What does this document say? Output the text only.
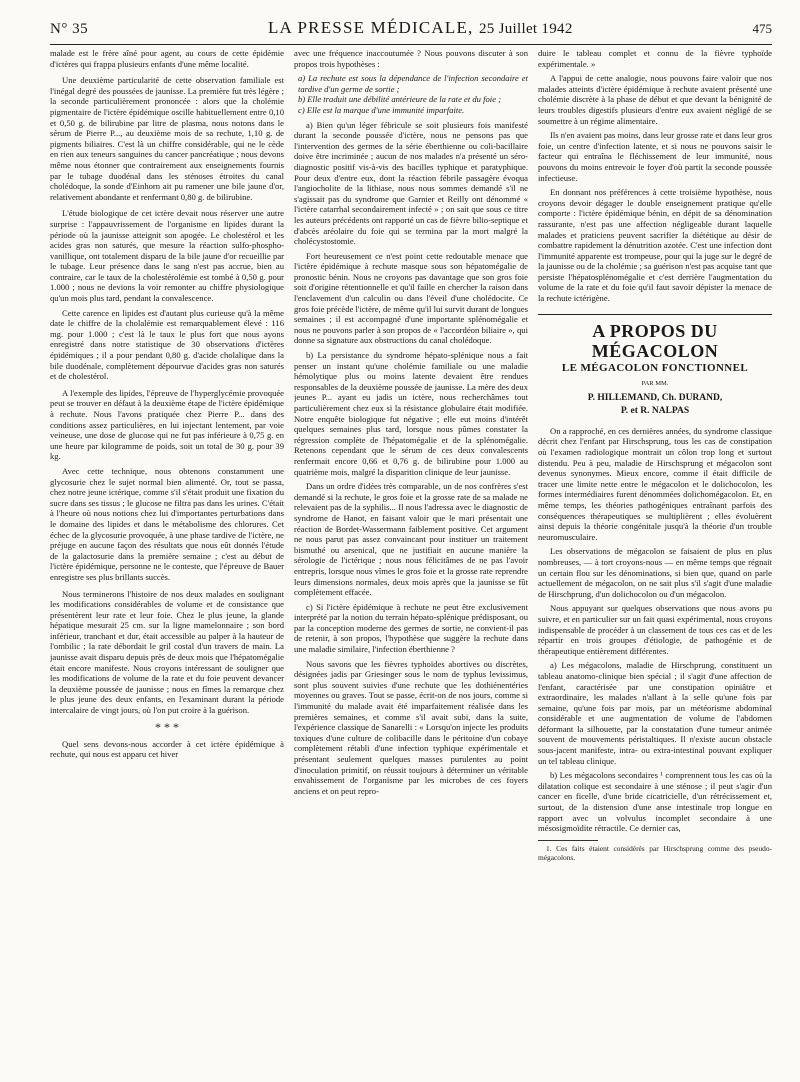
N° 35	LA PRESSE MÉDICALE, 25 Juillet 1942	475

malade est le frère aîné pour agent, au cours de cette épidémie d'ictères qui frappa plusieurs enfants d'une même localité.

Une deuxième particularité de cette observation familiale est l'inégal degré des poussées de jaunisse. La première fut très légère ; la seconde particulièrement prononcée : alors que la cholémie pigmentaire de l'ictère épidémique oscille habituellement entre 0,10 et 0,50 g. de bilirubine par litre de plasma, nous notons dans le sérum de Pierre P..., au deuxième mois de sa rechute, 1,10 g. de pigments biliaires. C'est là un chiffre considérable, qui ne le cède en rien aux teneurs sanguines du cancer pancréatique ; nous devons même nous étonner que contrairement aux enseignements fournis par le tubage duodénal dans les sténoses étroites du canal cholédoque, la sonde d'Einhorn ait pu ramener une bile jaune d'or, relativement abondante et renfermant 0,80 g. de bilirubine.

L'étude biologique de cet ictère devait nous réserver une autre surprise : l'appauvrissement de l'organisme en lipides durant la période où la jaunisse atteignit son apogée. Le cholestérol et les acides gras non saturés, que mesure la réaction sulfo-phospho-vanillique, ont totalement disparu de la bile jaune d'or recueillie par le tubage. Leur présence dans le sang n'est pas accrue, bien au contraire, car le taux de la cholestérolémie est tombé à 0,50 g. pour 1.000 ; nous ne devions la voir remonter au chiffre physiologique qu'un mois plus tard, pendant la convalescence.

Cette carence en lipides est d'autant plus curieuse qu'à la même date le chiffre de la cholalémie est remarquablement élevé : 116 mg. pour 1.000 ; c'est là le taux le plus fort que nous ayons enregistré dans notre statistique de 30 observations d'ictères épidémiques ; il a pour pendant 0,80 g. d'acide cholalique dans la bile duodénale, complètement dépourvue d'acides gras non saturés et de cholestérol.

A l'exemple des lipides, l'épreuve de l'hyperglycémie provoquée peut se trouver en défaut à la deuxième étape de l'ictère épidémique à rechute. Nous l'avons pratiquée chez Pierre P... dans des conditions assez particulières, en lui injectant lentement, par voie veineuse, une dose de glucose qui ne fut pas inférieure à 0,75 g. en une heure par kilogramme de poids, soit un total de 30 g. pour 39 kg.

Avec cette technique, nous obtenons constamment une glycosurie chez le sujet normal bien alimenté. Or, tout se passa, chez notre jeune ictérique, comme s'il s'était produit une fixation du sucre dans ses tissus ; le glucose ne filtra pas dans les urines. C'était à l'heure où nous notions chez lui d'importantes perturbations dans le domaine des lipides et dans le métabolisme des chlorures. Cet échec de la glycosurie provoquée, à une phase tardive de l'ictère, ne préjuge en aucune façon des résultats que nous eût donnés l'étude de la galactosurie dans la première semaine ; c'est au début de l'ictère épidémique, personne ne le conteste, que l'épreuve de Bauer enregistre ses plus brillants succès.

Nous terminerons l'histoire de nos deux malades en soulignant les modifications considérables de volume et de consistance que présentèrent leur rate et leur foie. Chez le plus jeune, la glande hépatique mesurait 25 cm. sur la ligne mamelonnaire ; son bord inférieur, tranchant et dur, était accessible au palper à la hauteur de l'ombilic ; la rate débordait le gril costal d'un travers de main. La jaunisse avait disparu depuis près de deux mois que l'hépatomégalie était encore manifeste. Nous croyons intéressant de souligner que les modifications de volume de la rate et du foie peuvent devancer la deuxième poussée de jaunisse ; nous en fîmes la remarque chez le plus jeune des deux enfants, en l'examinant durant la période intercalaire de vingt jours, où l'on put croire à la guérison.

* * *

Quel sens devons-nous accorder à cet ictère épidémique à rechute, qui nous est apparu cet hiver

avec une fréquence inaccoutumée ? Nous pouvons discuter à son propos trois hypothèses :

a) La rechute est sous la dépendance de l'infection secondaire et tardive d'un germe de sortie ;

b) Elle traduit une débilité antérieure de la rate et du foie ;

c) Elle est la marque d'une immunité imparfaite.

a) Bien qu'un léger fébricule se soit plusieurs fois manifesté durant la seconde poussée d'ictère, nous ne pensons pas que l'intervention des germes de la série éberthienne ou coli-bacillaire doive être incriminée ; aucun de nos malades n'a présenté un séro-diagnostic positif vis-à-vis des bacilles typhique et paratyphique. Pour deux d'entre eux, dont la réaction fébrile passagère évoqua l'angiocholite de la lithiase, nous nous sommes demandé s'il ne s'agissait pas du syndrome que Garnier et Reilly ont dénommé « l'ictère catarrhal secondairement infecté » ; on sait que sous ce titre les auteurs précédents ont rapporté un cas de fièvre bilio-septique et d'abcès aréolaire du foie qui se termina par la mort malgré la cholécystostomie.

Fort heureusement ce n'est point cette redoutable menace que l'ictère épidémique à rechute masque sous son hépatomégalie de pronostic bénin. Nous ne croyons pas davantage que son gros foie soit d'origine rétentionnelle et qu'il faille en chercher la raison dans l'enclavement d'un calculin ou dans l'éveil d'une cholédocite. Ce gros foie précède l'ictère, de même qu'il lui survit durant de longues semaines ; il est accompagné d'une importante splénomégalie et nous ne pouvons parler à son propos de « l'accordéon biliaire », qui donne sa signature aux obstructions du canal cholédoque.

b) La persistance du syndrome hépato-splénique nous a fait penser un instant qu'une cholémie familiale ou une maladie hémolytique plus ou moins latente devaient être rendues responsables de la deuxième poussée de jaunisse. La mère des deux jeunes P... ayant eu jadis un ictère, nous recherchâmes tout particulièrement chez eux si la résistance globulaire était modifiée. Notre enquête biologique fut négative ; elle eut moins d'intérêt quelques semaines plus tard, lorsque nous pûmes constater la régression complète de l'hépatomégalie et de la splénomégalie. Retenons cependant que le sérum de ces deux convalescents renfermait encore 0,66 et 0,76 g. de bilirubine pour 1.000 au quatrième mois, malgré la disparition clinique de leur jaunisse.

Dans un ordre d'idées très comparable, un de nos confrères s'est demandé si la rechute, le gros foie et la grosse rate de sa malade ne relevaient pas de la syphilis... Il nous l'adressa avec le diagnostic de syndrome de Hanot, en faisant valoir que le mari présentait une réaction de Bordet-Wassermann faiblement positive. Cet argument ne nous parut pas assez convaincant pour instituer un traitement bismuthé ou arsenical, que ne justifiait en aucune manière la sérologie de l'ictérique ; nous nous félicitâmes de ne pas l'avoir entrepris, lorsque nous vîmes le gros foie et la grosse rate reprendre leurs dimensions normales, deux mois après que la jaunisse se fût complètement effacée.

c) Si l'ictère épidémique à rechute ne peut être exclusivement interprété par la notion du terrain hépato-splénique prédisposant, ou par la conception moderne des germes de sortie, ne convient-il pas de retenir, à son propos, l'hypothèse que suggère la rechute dans une maladie similaire, l'infection éberthienne ?

Nous savons que les fièvres typhoïdes abortives ou discrètes, désignées jadis par Griesinger sous le nom de typhus levissimus, sont plus souvent suivies d'une rechute que les dothiénentéries moyennes ou graves. Tout se passe, écrit-on de nos jours, comme si l'immunité du malade avait été imparfaitement réalisée dans les premières semaines, et comme s'il avait subi, dans la suite, l'expérience classique de Sanarelli : « Lorsqu'on injecte les produits toxiques d'une culture de colibacille dans le péritoine d'un cobaye complètement rétabli d'une infection typhique expérimentale et présentant seulement quelques masses purulentes au point d'inoculation primitif, on réussit toujours à déterminer un véritable envahissement de l'organisme par les microbes de ces foyers anciens et on peut repro-

duire le tableau complet et connu de la fièvre typhoïde expérimentale. »

A l'appui de cette analogie, nous pouvons faire valoir que nos malades atteints d'ictère épidémique à rechute avaient présenté une cholémie discrète à la phase de début et que devant la bénignité de leurs troubles digestifs plusieurs d'entre eux avaient négligé de se soumettre à un régime alimentaire.

Ils n'en avaient pas moins, dans leur grosse rate et dans leur gros foie, un centre d'infection latente, et si nous ne pouvons saisir le facteur qui entraîna le fléchissement de leur immunité, nous pouvons du moins entrevoir le foyer d'où partit la seconde poussée infectieuse.

En donnant nos préférences à cette troisième hypothèse, nous croyons devoir dégager le double enseignement pratique qu'elle comporte : l'ictère épidémique bénin, en dépit de sa dénomination rassurante, n'est pas une affection négligeable durant laquelle malades et praticiens peuvent sacrifier la diététique au désir de combattre rapidement la dénutrition azotée. C'est une infection dont l'immunité apparente est trompeuse, pour qui la juge sur le degré de la jaunisse ou de la cholémie ; sa guérison n'est pas acquise tant que persiste l'hépatosplénomégalie et c'est derrière l'augmentation du volume de la rate et du foie qu'il faut savoir dépister la menace de la rechute ictérigène.

A PROPOS DU MÉGACOLON
LE MÉGACOLON FONCTIONNEL
PAR MM.
P. HILLEMAND, Ch. DURAND,
P. et R. NALPAS

On a rapproché, en ces dernières années, du syndrome classique décrit chez l'enfant par Hirschsprung, tous les cas de constipation où l'examen radiologique montrait un côlon trop long et surtout distendu. Peu à peu, maladie de Hirschsprung et mégacolon sont devenus synonymes. Mieux encore, comme il était difficile de tracer une limite nette entre le mégacolon et le dolichocolon, les formes intermédiaires furent dénommées dolichomégacolon. Et, en même temps, les théories pathogéniques entraînant parfois des conséquences thérapeutiques se multiplièrent ; elles évoluèrent ainsi depuis la théorie congénitale jusqu'à la théorie d'un trouble neuromusculaire.

Les observations de mégacolon se faisaient de plus en plus nombreuses, — à tort croyons-nous — en même temps que régnait un certain flou sur les dénominations, si bien que, quand on parle actuellement de mégacolon, on ne sait plus s'il s'agit d'une maladie de Hirschprung, d'un dolichocolon ou d'un mégacolon.

Nous appuyant sur quelques observations que nous avons pu suivre, et en particulier sur un fait quasi expérimental, nous croyons indispensable de procéder à un classement de tous ces cas et de les répartir en trois groupes d'étiologie, de pathogénie et de thérapeutique entièrement différentes.

a) Les mégacolons, maladie de Hirschprung, constituent un tableau anatomo-clinique bien spécial ; il s'agit d'une affection de l'enfant, caractérisée par une constipation opiniâtre et extraordinaire, les malades n'allant à la selle qu'une fois par semaine, qu'une fois par mois, par un météorisme abdominal considérable et une augmentation de volume de l'abdomen déformant la silhouette, par la constatation d'une tumeur animée souvent de mouvements péristaltiques. Il n'existe aucun obstacle sous-jacent manifeste, intra- ou extra-intestinal pouvant expliquer un tel tableau clinique.

b) Les mégacolons secondaires ¹ comprennent tous les cas où la dilatation colique est secondaire à une sténose ; il peut s'agir d'un cancer en ficelle, d'une bride cicatricielle, d'un rétrécissement et, surtout, de la distension d'une anse intestinale trop longue en rapport avec un volvulus incomplet secondaire à une mésosigmoïdite rétractile. Ce dernier cas,

1. Ces faits étaient considérés par Hirschsprung comme des pseudo-mégacolons.
